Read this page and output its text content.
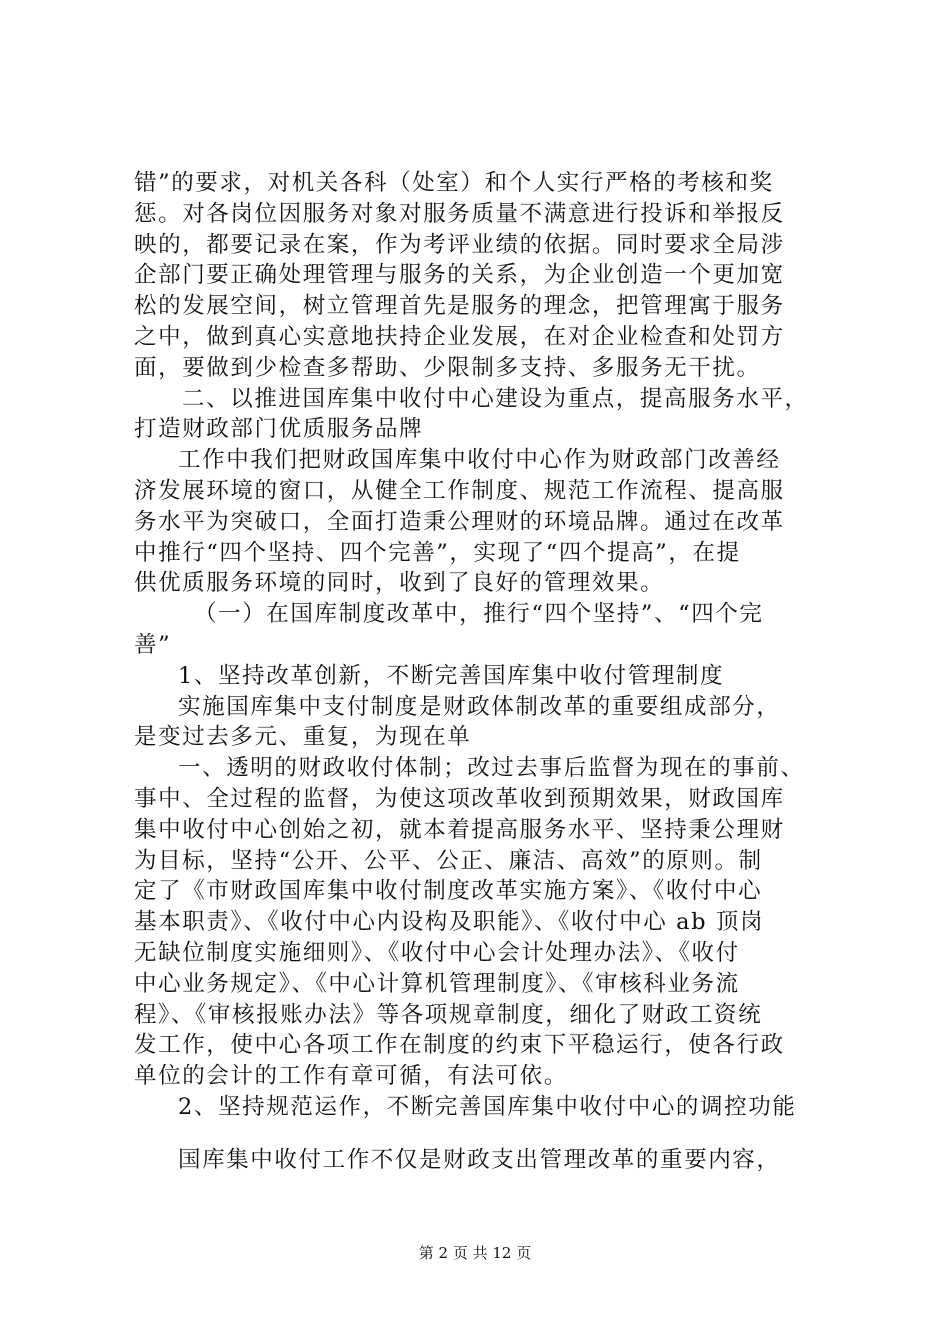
错”的要求，对机关各科（处室）和个人实行严格的考核和奖
惩。对各岗位因服务对象对服务质量不满意进行投诉和举报反
映的，都要记录在案，作为考评业绩的依据。同时要求全局涉
企部门要正确处理管理与服务的关系，为企业创造一个更加宽
松的发展空间，树立管理首先是服务的理念，把管理寓于服务
之中，做到真心实意地扶持企业发展，在对企业检查和处罚方
面，要做到少检查多帮助、少限制多支持、多服务无干扰。
二、以推进国库集中收付中心建设为重点，提高服务水平，
打造财政部门优质服务品牌
工作中我们把财政国库集中收付中心作为财政部门改善经
济发展环境的窗口，从健全工作制度、规范工作流程、提高服
务水平为突破口，全面打造秉公理财的环境品牌。通过在改革
中推行“四个坚持、四个完善”，实现了“四个提高”，在提
供优质服务环境的同时，收到了良好的管理效果。
（一）在国库制度改革中，推行“四个坚持”、“四个完
善”
1、坚持改革创新，不断完善国库集中收付管理制度
实施国库集中支付制度是财政体制改革的重要组成部分，
是变过去多元、重复，为现在单
一、透明的财政收付体制；改过去事后监督为现在的事前、
事中、全过程的监督，为使这项改革收到预期效果，财政国库
集中收付中心创始之初，就本着提高服务水平、坚持秉公理财
为目标，坚持“公开、公平、公正、廉洁、高效”的原则。制
定了《市财政国库集中收付制度改革实施方案》、《收付中心
基本职责》、《收付中心内设构及职能》、《收付中心 ab 顶岗
无缺位制度实施细则》、《收付中心会计处理办法》、《收付
中心业务规定》、《中心计算机管理制度》、《审核科业务流
程》、《审核报账办法》等各项规章制度，细化了财政工资统
发工作，使中心各项工作在制度的约束下平稳运行，使各行政
单位的会计的工作有章可循，有法可依。
2、坚持规范运作，不断完善国库集中收付中心的调控功能
国库集中收付工作不仅是财政支出管理改革的重要内容，
第 2 页 共 12 页
